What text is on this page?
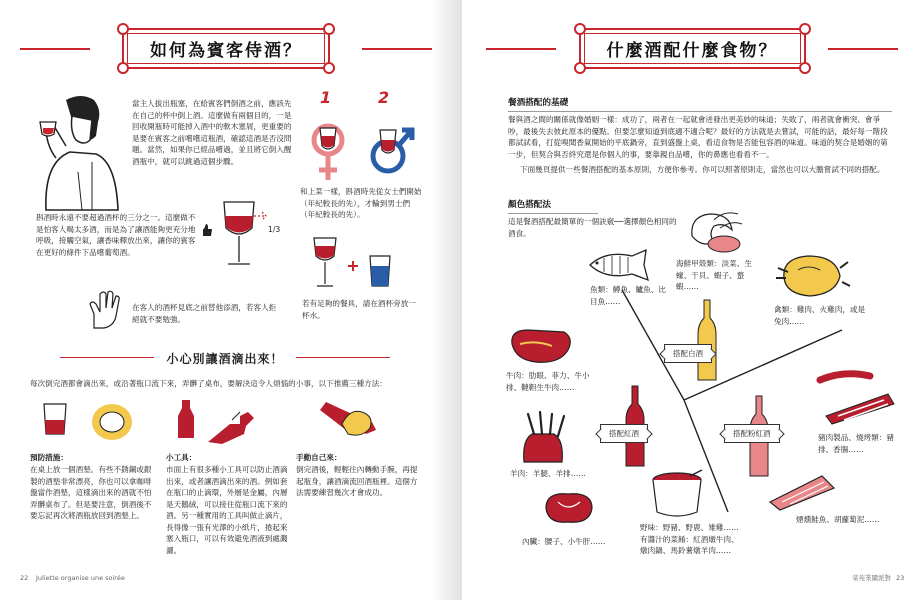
如何為賓客侍酒？
當主人拔出瓶塞，在給賓客們倒酒之前，應該先在自己的杯中倒上酒。這麼做有兩個目的，一是回收開瓶時可能掉入酒中的軟木塞屑，更重要的是要在賓客之前嚐嚐這瓶酒，確認這酒是否沒問題。當然，如果你已經品嚐過，並且將它倒入醒酒瓶中，就可以跳過這個步驟。
1	2
和上菜一樣，斟酒時先從女士們開始（年紀較長的先），才輪到男士們（年紀較長的先）。
斟酒時永遠不要超過酒杯的三分之一。這麼做不是怕客人喝太多酒，而是為了讓酒能夠更充分地呼吸，接觸空氣，讓香味釋放出來，讓你的賓客在更好的條件下品嚐葡萄酒。
1/3
若有足夠的餐具，請在酒杯旁放一杯水。
在客人的酒杯見底之前替他添酒，若客人拒絕就不要勉強。
小心別讓酒滴出來！
每次倒完酒都會滴出來，或沿著瓶口流下來，弄髒了桌布，要解決這令人煩惱的小事，以下推薦三種方法：
預防措施：
在桌上放一個酒墊。有些不銹鋼或銀製的酒墊非常漂亮，你也可以拿咖啡盤當作酒墊，這樣滴出來的酒就不怕弄髒桌布了。但是要注意，倒酒後不要忘記再次將酒瓶放回到酒墊上。
小工具：
市面上有很多種小工具可以防止酒滴出來，或者讓酒滴出來的酒。例如套在瓶口的止滴環，外層是金屬，內層是天鵝絨，可以接住從瓶口流下來的酒。另一種實用的工具叫做止滴片，長得像一張有光澤的小紙片，捲起來塞入瓶口，可以有效避免酒液到處濺灑。
手動自己來：
倒完酒後，輕輕往內轉動手腕，再提起瓶身，讓酒滴流回酒瓶裡。這個方法需要練習幾次才會成功。
22 Juliette organise une soirée
什麼酒配什麼食物？
餐酒搭配的基礎
餐與酒之間的關係就像婚姻一樣：成功了，兩者在一起就會迸發出更美妙的味道；失敗了，兩者就會衝突、會爭吵，最後失去彼此原本的優點。但要怎麼知道到底適不適合呢？最好的方法就是去嘗試，可能的話，最好每一階段都試試看，打從嗅聞香氣開始的平底鍋旁，直到盛盤上桌，看這食物是否能包容酒的味道。味道的契合是婚姻的第一步，但契合與否終究還是你個人的事，要靠親自品嚐，你的鼻應也看看不一。
下面幾頁提供一些餐酒搭配的基本原則，方便你參考。你可以照著原則走，當然也可以大膽嘗試不同的搭配。
顏色搭配法
這是餐酒搭配最簡單的一個訣竅──選擇顏色相同的酒食。
魚類：鱒魚、鱸魚、比目魚……
海鮮甲殼類：淡菜、生蠔、干貝、蝦子、螯蝦……
禽類：雞肉、火雞肉，或是兔肉……
搭配白酒
牛肉：肋眼、菲力、牛小排、韃靼生牛肉……
搭配紅酒	搭配粉紅酒	豬肉製品、燒烤類：豬排、香腸……
羊肉：羊腿、羊排……
野味：野豬、野鹿、雉雞……有醬汁的菜餚：紅酒燉牛肉、燉肉鍋、馬鈴薯燉羊肉……
內臟：腰子、小牛肝……
煙燻鮭魚、胡蘿蔔泥……
菜苑業闌派對 23
